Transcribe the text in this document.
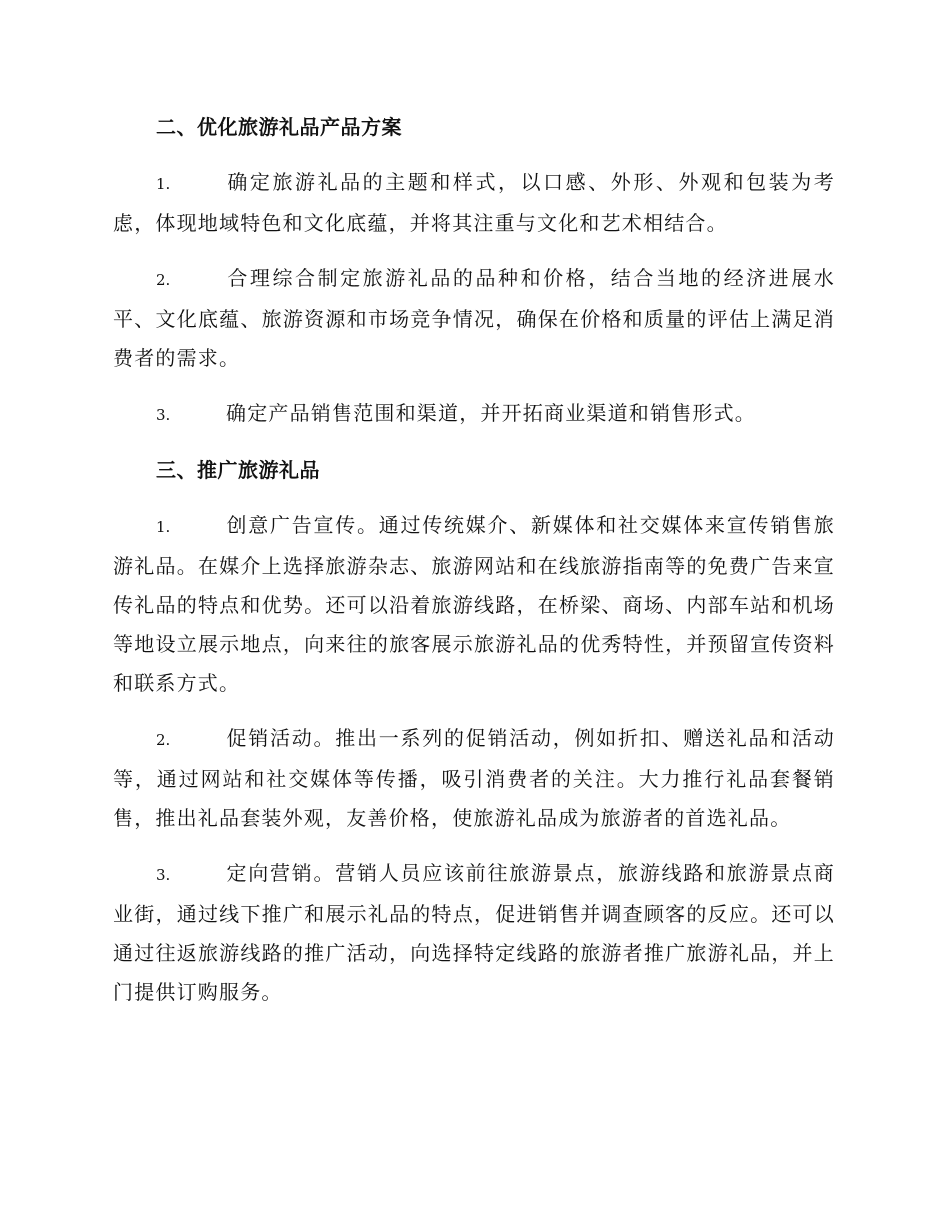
二、优化旅游礼品产品方案

1.	确定旅游礼品的主题和样式，以口感、外形、外观和包装为考虑，体现地域特色和文化底蕴，并将其注重与文化和艺术相结合。

2.	合理综合制定旅游礼品的品种和价格，结合当地的经济进展水平、文化底蕴、旅游资源和市场竞争情况，确保在价格和质量的评估上满足消费者的需求。

3.	确定产品销售范围和渠道，并开拓商业渠道和销售形式。

三、推广旅游礼品

1.	创意广告宣传。通过传统媒介、新媒体和社交媒体来宣传销售旅游礼品。在媒介上选择旅游杂志、旅游网站和在线旅游指南等的免费广告来宣传礼品的特点和优势。还可以沿着旅游线路，在桥梁、商场、内部车站和机场等地设立展示地点，向来往的旅客展示旅游礼品的优秀特性，并预留宣传资料和联系方式。

2.	促销活动。推出一系列的促销活动，例如折扣、赠送礼品和活动等，通过网站和社交媒体等传播，吸引消费者的关注。大力推行礼品套餐销售，推出礼品套装外观，友善价格，使旅游礼品成为旅游者的首选礼品。

3.	定向营销。营销人员应该前往旅游景点，旅游线路和旅游景点商业街，通过线下推广和展示礼品的特点，促进销售并调查顾客的反应。还可以通过往返旅游线路的推广活动，向选择特定线路的旅游者推广旅游礼品，并上门提供订购服务。
